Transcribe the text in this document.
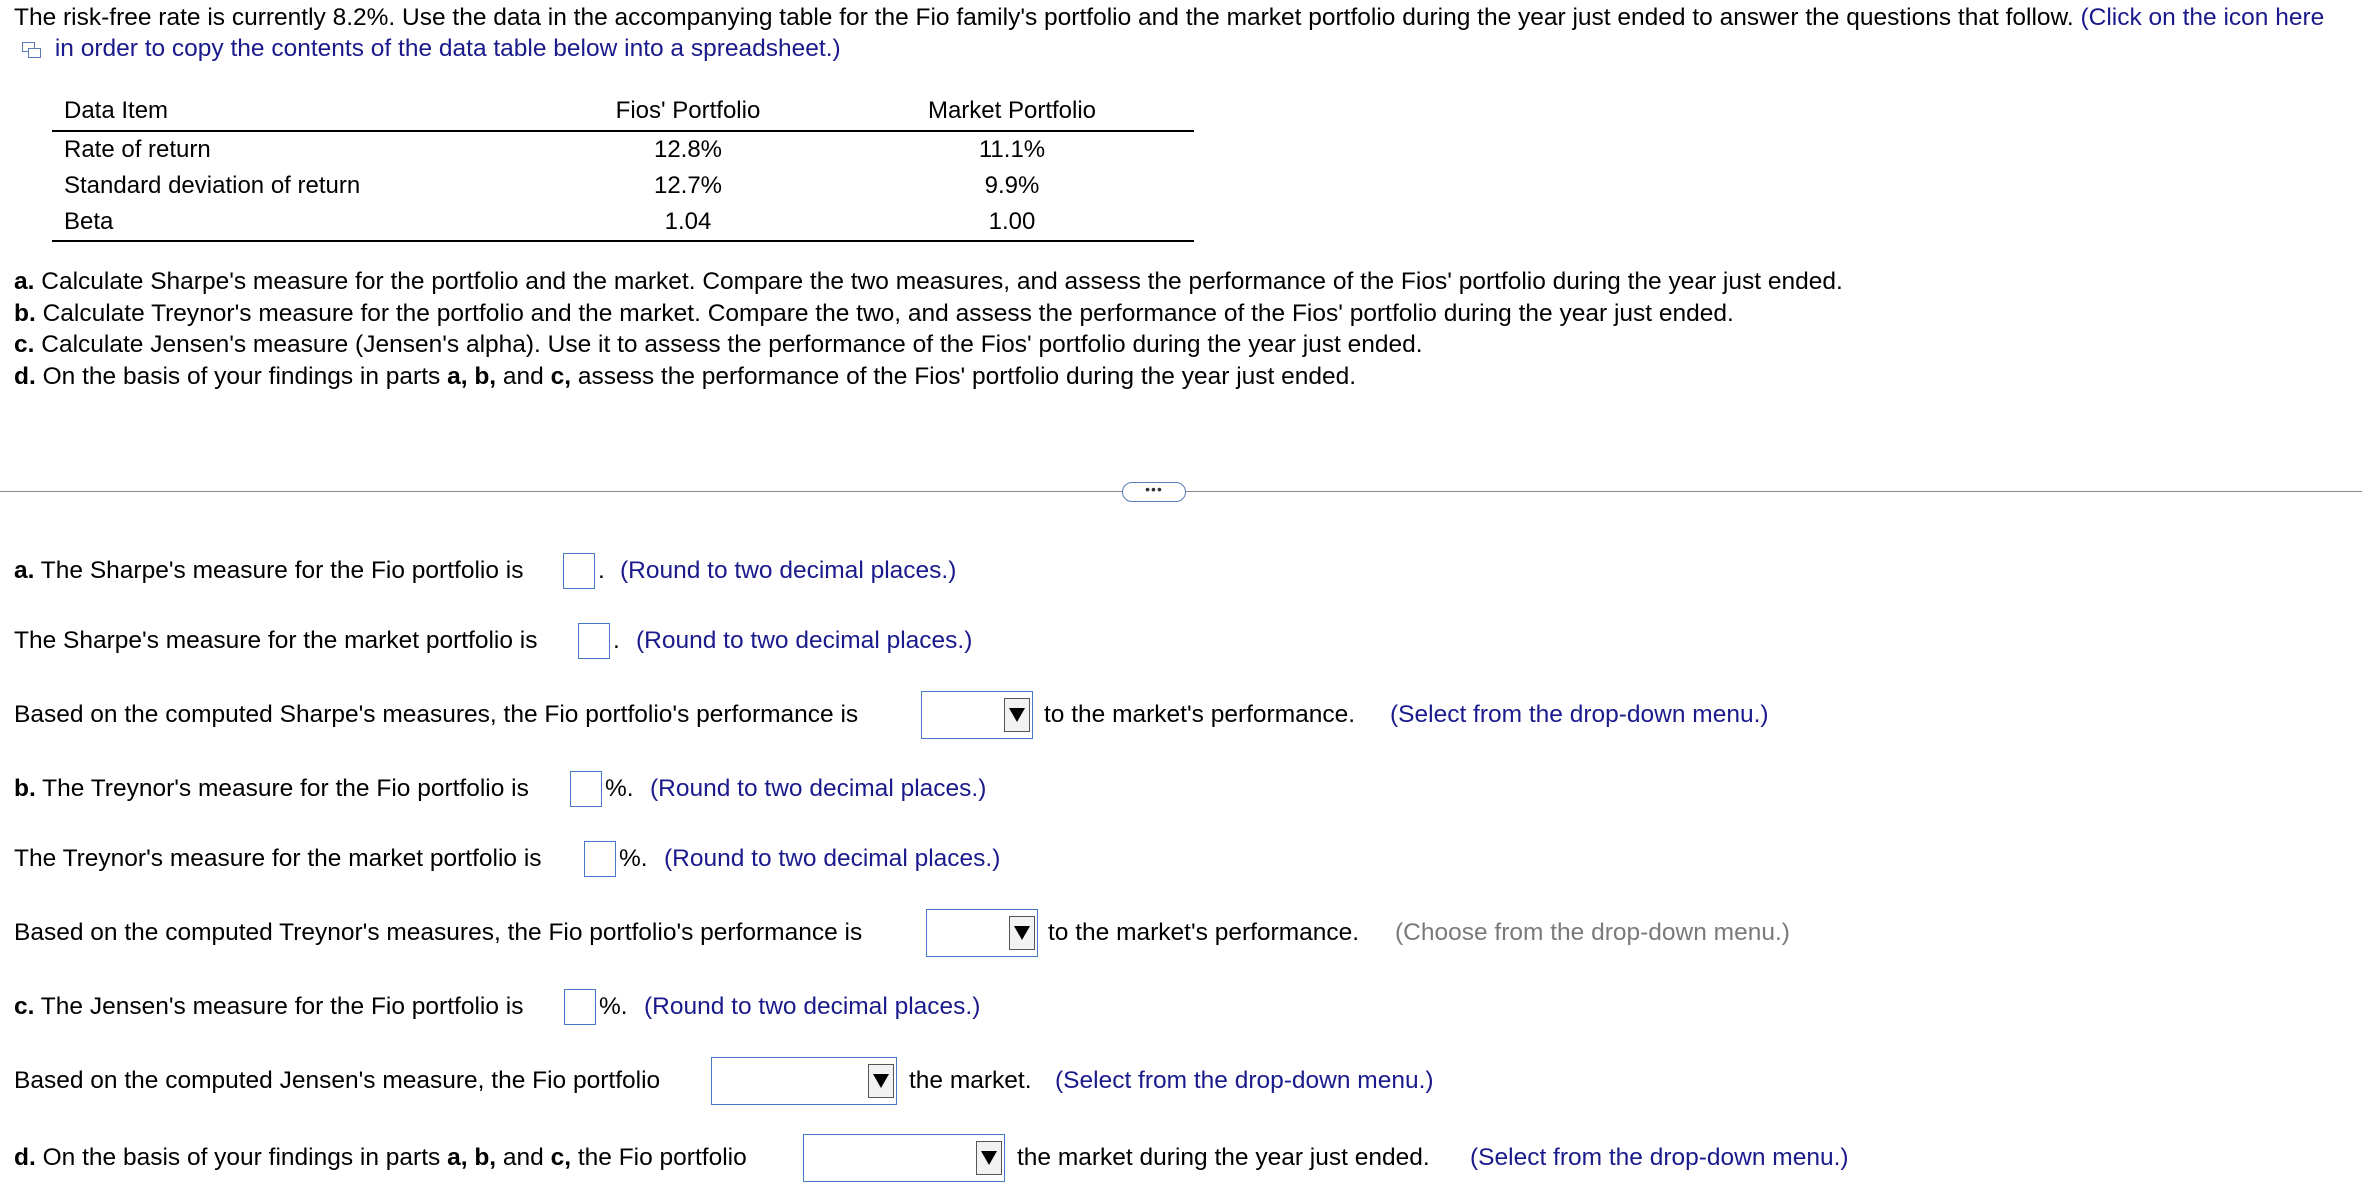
The risk-free rate is currently 8.2%. Use the data in the accompanying table for the Fio family's portfolio and the market portfolio during the year just ended to answer the questions that follow. (Click on the icon here
in order to copy the contents of the data table below into a spreadsheet.)
Data Item	Fios' Portfolio	Market Portfolio
Rate of return	12.8%	11.1%
Standard deviation of return	12.7%	9.9%
Beta	1.04	1.00
a. Calculate Sharpe's measure for the portfolio and the market. Compare the two measures, and assess the performance of the Fios' portfolio during the year just ended.
b. Calculate Treynor's measure for the portfolio and the market. Compare the two, and assess the performance of the Fios' portfolio during the year just ended.
c. Calculate Jensen's measure (Jensen's alpha). Use it to assess the performance of the Fios' portfolio during the year just ended.
d. On the basis of your findings in parts a, b, and c, assess the performance of the Fios' portfolio during the year just ended.
•••
a. The Sharpe's measure for the Fio portfolio is	. (Round to two decimal places.)
The Sharpe's measure for the market portfolio is	. (Round to two decimal places.)
Based on the computed Sharpe's measures, the Fio portfolio's performance is	to the market's performance. (Select from the drop-down menu.)
b. The Treynor's measure for the Fio portfolio is	%. (Round to two decimal places.)
The Treynor's measure for the market portfolio is	%. (Round to two decimal places.)
Based on the computed Treynor's measures, the Fio portfolio's performance is	to the market's performance. (Choose from the drop-down menu.)
c. The Jensen's measure for the Fio portfolio is	%. (Round to two decimal places.)
Based on the computed Jensen's measure, the Fio portfolio	the market. (Select from the drop-down menu.)
d. On the basis of your findings in parts a, b, and c, the Fio portfolio	the market during the year just ended. (Select from the drop-down menu.)
